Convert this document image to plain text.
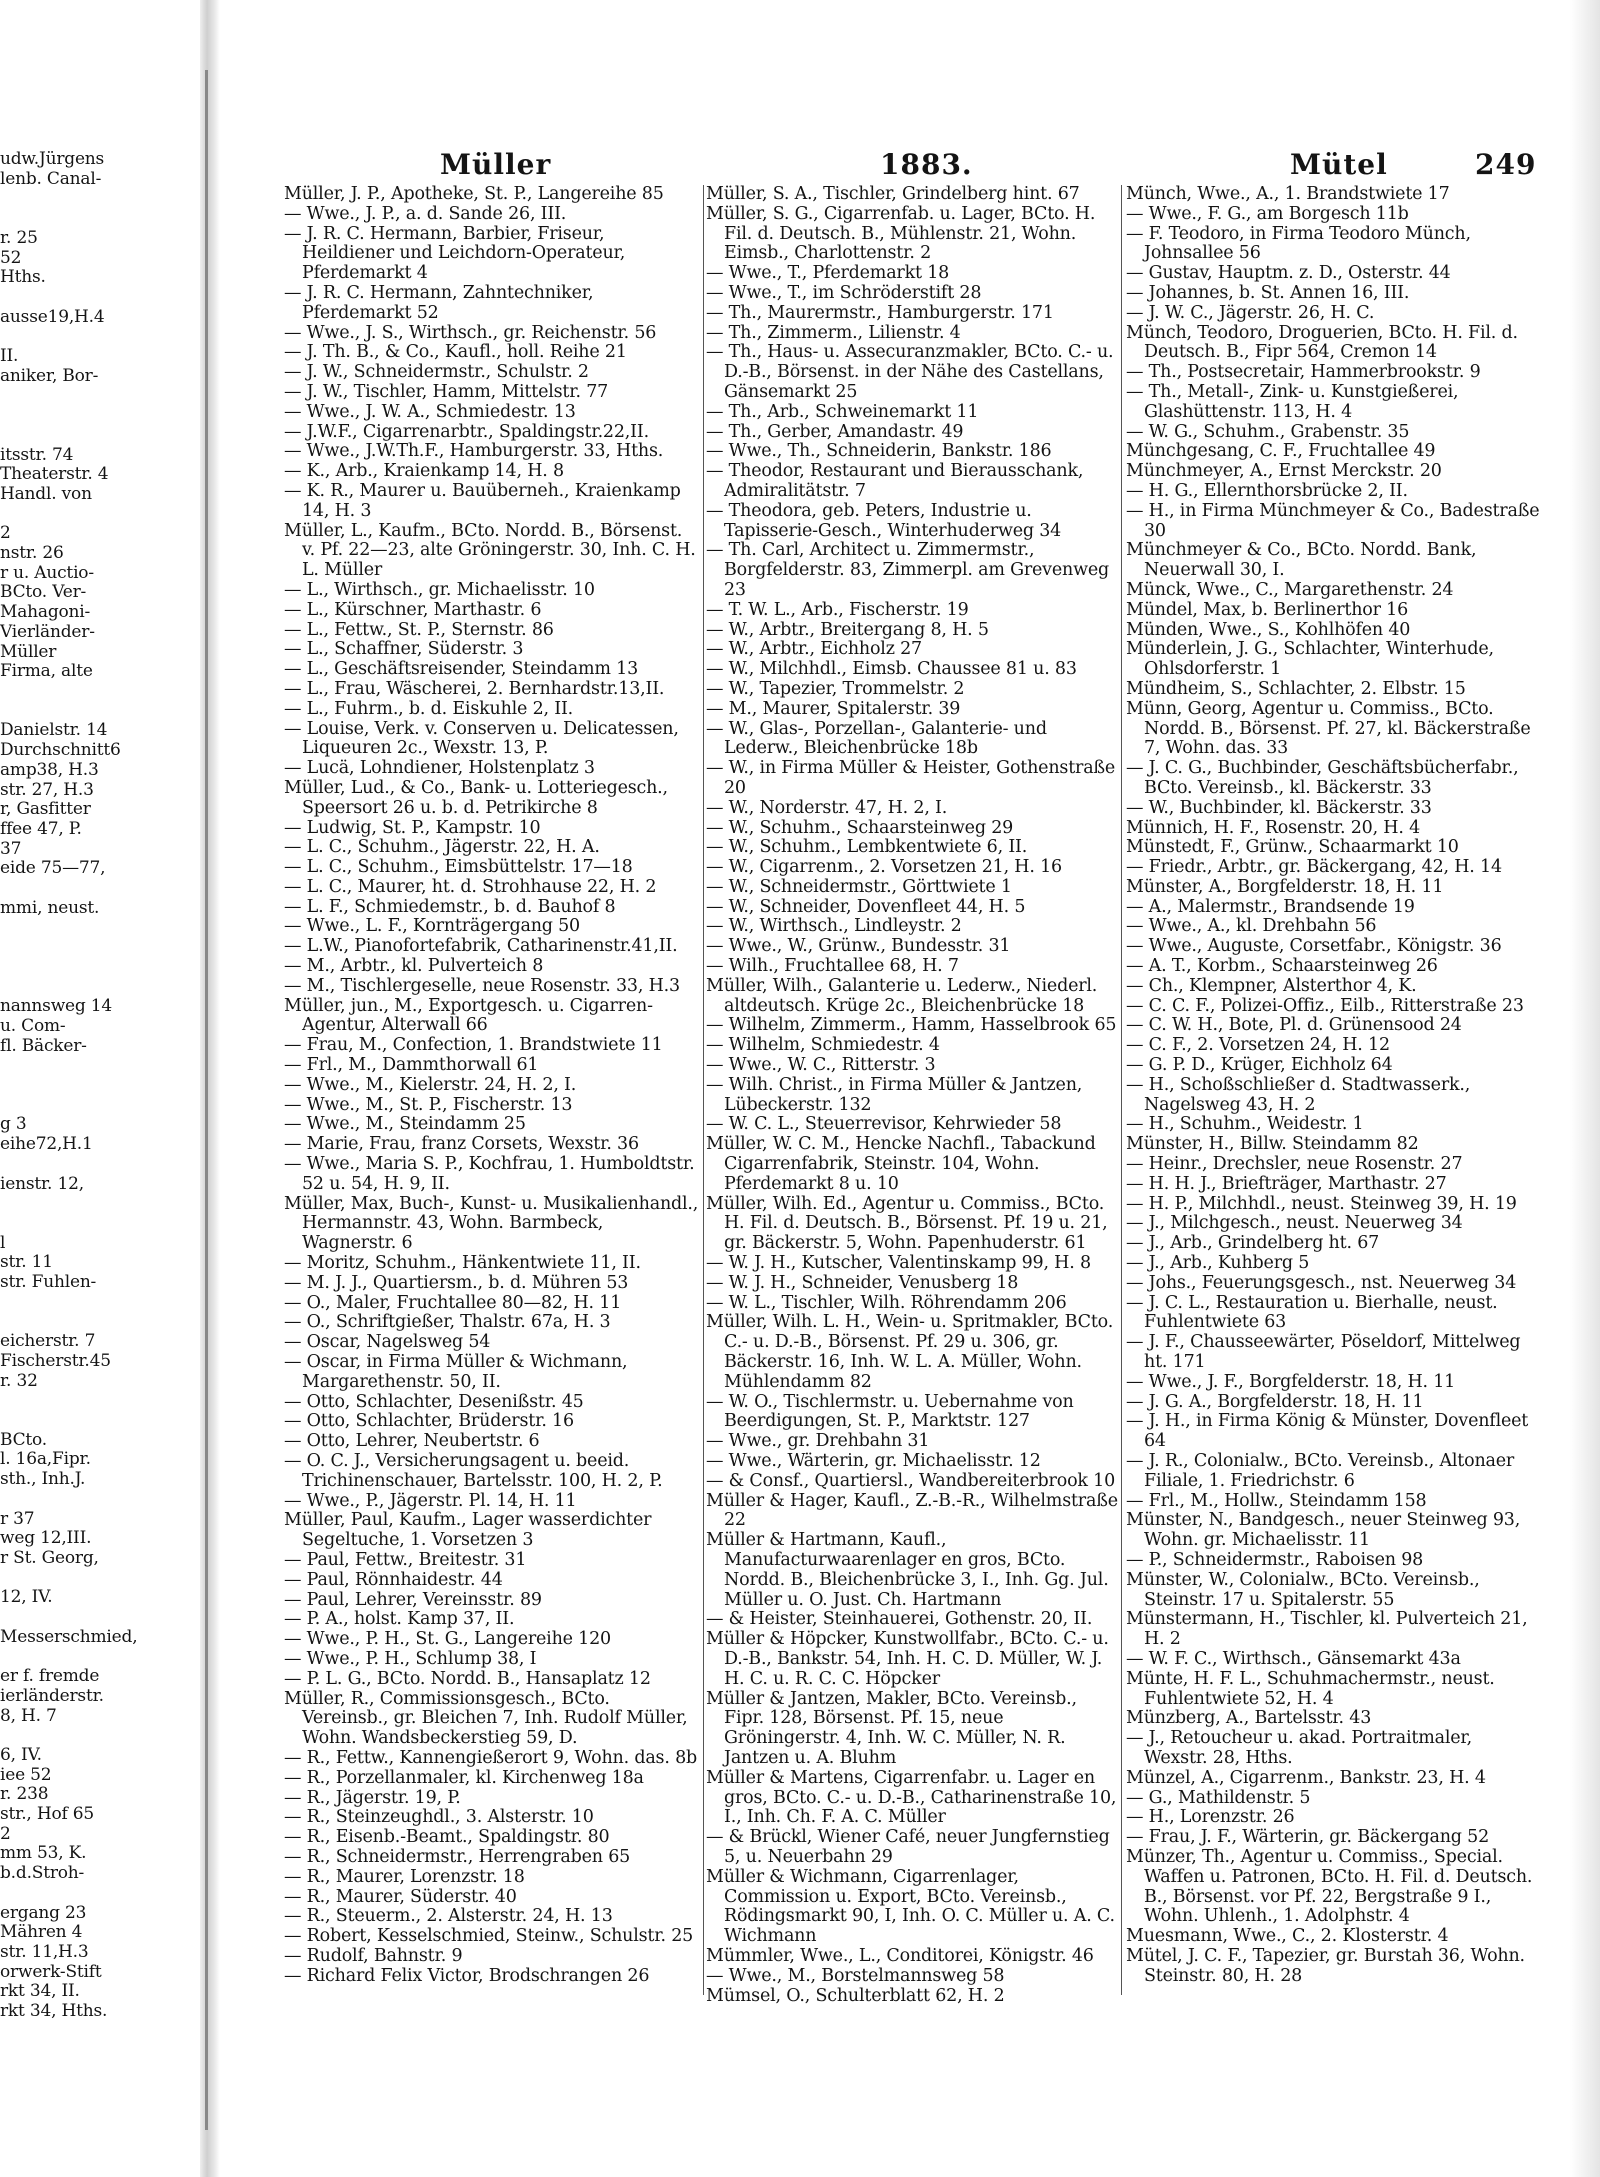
udw.Jürgens
lenb. Canal-

r. 25
52
Hths.

ausse19,H.4

II.
aniker, Bor-

itsstr. 74
Theaterstr. 4
Handl. von

2
nstr. 26
r u. Auctio-
BCto. Ver-
Mahagoni-
Vierländer-
Müller
Firma, alte

Danielstr. 14
Durchschnitt6
amp38, H.3
str. 27, H.3
r, Gasfitter
ffee 47, P.
37
eide 75—77,

mmi, neust.

nannsweg 14
u. Com-
fl. Bäcker-

g 3
eihe72,H.1

ienstr. 12,

l
str. 11
str. Fuhlen-

eicherstr. 7
Fischerstr.45
r. 32

BCto.
l. 16a,Fipr.
sth., Inh.J.

r 37
weg 12,III.
r St. Georg,

12, IV.

Messerschmied,

er f. fremde
ierländerstr.
8, H. 7

6, IV.
iee 52
r. 238
str., Hof 65
2
mm 53, K.
b.d.Stroh-

ergang 23
Mähren 4
str. 11,H.3
orwerk-Stift
rkt 34, II.
rkt 34, Hths.
Müller	1883.	Mütel	249
Müller, J. P., Apotheke, St. P., Langereihe 85
— Wwe., J. P., a. d. Sande 26, III.
— J. R. C. Hermann, Barbier, Friseur, Heildiener und Leichdorn-Operateur, Pferdemarkt 4
— J. R. C. Hermann, Zahntechniker, Pferdemarkt 52
— Wwe., J. S., Wirthsch., gr. Reichenstr. 56
— J. Th. B., & Co., Kaufl., holl. Reihe 21
— J. W., Schneidermstr., Schulstr. 2
— J. W., Tischler, Hamm, Mittelstr. 77
— Wwe., J. W. A., Schmiedestr. 13
— J.W.F., Cigarrenarbtr., Spaldingstr.22,II.
— Wwe., J.W.Th.F., Hamburgerstr. 33, Hths.
— K., Arb., Kraienkamp 14, H. 8
— K. R., Maurer u. Bauüberneh., Kraienkamp 14, H. 3
Müller, L., Kaufm., BCto. Nordd. B., Börsenst. v. Pf. 22—23, alte Gröningerstr. 30, Inh. C. H. L. Müller
— L., Wirthsch., gr. Michaelisstr. 10
— L., Kürschner, Marthastr. 6
— L., Fettw., St. P., Sternstr. 86
— L., Schaffner, Süderstr. 3
— L., Geschäftsreisender, Steindamm 13
— L., Frau, Wäscherei, 2. Bernhardstr.13,II.
— L., Fuhrm., b. d. Eiskuhle 2, II.
— Louise, Verk. v. Conserven u. Delicatessen, Liqueuren 2c., Wexstr. 13, P.
— Lucä, Lohndiener, Holstenplatz 3
Müller, Lud., & Co., Bank- u. Lotteriegesch., Speersort 26 u. b. d. Petrikirche 8
— Ludwig, St. P., Kampstr. 10
— L. C., Schuhm., Jägerstr. 22, H. A.
— L. C., Schuhm., Eimsbüttelstr. 17—18
— L. C., Maurer, ht. d. Strohhause 22, H. 2
— L. F., Schmiedemstr., b. d. Bauhof 8
— Wwe., L. F., Kornträgergang 50
— L.W., Pianofortefabrik, Catharinenstr.41,II.
— M., Arbtr., kl. Pulverteich 8
— M., Tischlergeselle, neue Rosenstr. 33, H.3
Müller, jun., M., Exportgesch. u. Cigarren-Agentur, Alterwall 66
— Frau, M., Confection, 1. Brandstwiete 11
— Frl., M., Dammthorwall 61
— Wwe., M., Kielerstr. 24, H. 2, I.
— Wwe., M., St. P., Fischerstr. 13
— Wwe., M., Steindamm 25
— Marie, Frau, franz Corsets, Wexstr. 36
— Wwe., Maria S. P., Kochfrau, 1. Humboldtstr. 52 u. 54, H. 9, II.
Müller, Max, Buch-, Kunst- u. Musikalienhandl., Hermannstr. 43, Wohn. Barmbeck, Wagnerstr. 6
— Moritz, Schuhm., Hänkentwiete 11, II.
— M. J. J., Quartiersm., b. d. Mühren 53
— O., Maler, Fruchtallee 80—82, H. 11
— O., Schriftgießer, Thalstr. 67a, H. 3
— Oscar, Nagelsweg 54
— Oscar, in Firma Müller & Wichmann, Margarethenstr. 50, II.
— Otto, Schlachter, Desenißstr. 45
— Otto, Schlachter, Brüderstr. 16
— Otto, Lehrer, Neubertstr. 6
— O. C. J., Versicherungsagent u. beeid. Trichinenschauer, Bartelsstr. 100, H. 2, P.
— Wwe., P., Jägerstr. Pl. 14, H. 11
Müller, Paul, Kaufm., Lager wasserdichter Segeltuche, 1. Vorsetzen 3
— Paul, Fettw., Breitestr. 31
— Paul, Rönnhaidestr. 44
— Paul, Lehrer, Vereinsstr. 89
— P. A., holst. Kamp 37, II.
— Wwe., P. H., St. G., Langereihe 120
— Wwe., P. H., Schlump 38, I
— P. L. G., BCto. Nordd. B., Hansaplatz 12
Müller, R., Commissionsgesch., BCto. Vereinsb., gr. Bleichen 7, Inh. Rudolf Müller, Wohn. Wandsbeckerstieg 59, D.
— R., Fettw., Kannengießerort 9, Wohn. das. 8b
— R., Porzellanmaler, kl. Kirchenweg 18a
— R., Jägerstr. 19, P.
— R., Steinzeughdl., 3. Alsterstr. 10
— R., Eisenb.-Beamt., Spaldingstr. 80
— R., Schneidermstr., Herrengraben 65
— R., Maurer, Lorenzstr. 18
— R., Maurer, Süderstr. 40
— R., Steuerm., 2. Alsterstr. 24, H. 13
— Robert, Kesselschmied, Steinw., Schulstr. 25
— Rudolf, Bahnstr. 9
— Richard Felix Victor, Brodschrangen 26
Müller, S. A., Tischler, Grindelberg hint. 67
Müller, S. G., Cigarrenfab. u. Lager, BCto. H. Fil. d. Deutsch. B., Mühlenstr. 21, Wohn. Eimsb., Charlottenstr. 2
— Wwe., T., Pferdemarkt 18
— Wwe., T., im Schröderstift 28
— Th., Maurermstr., Hamburgerstr. 171
— Th., Zimmerm., Lilienstr. 4
— Th., Haus- u. Assecuranzmakler, BCto. C.- u. D.-B., Börsenst. in der Nähe des Castellans, Gänsemarkt 25
— Th., Arb., Schweinemarkt 11
— Th., Gerber, Amandastr. 49
— Wwe., Th., Schneiderin, Bankstr. 186
— Theodor, Restaurant und Bierausschank, Admiralitätstr. 7
— Theodora, geb. Peters, Industrie u. Tapisserie-Gesch., Winterhuderweg 34
— Th. Carl, Architect u. Zimmermstr., Borgfelderstr. 83, Zimmerpl. am Grevenweg 23
— T. W. L., Arb., Fischerstr. 19
— W., Arbtr., Breitergang 8, H. 5
— W., Arbtr., Eichholz 27
— W., Milchhdl., Eimsb. Chaussee 81 u. 83
— W., Tapezier, Trommelstr. 2
— M., Maurer, Spitalerstr. 39
— W., Glas-, Porzellan-, Galanterie- und Lederw., Bleichenbrücke 18b
— W., in Firma Müller & Heister, Gothenstraße 20
— W., Norderstr. 47, H. 2, I.
— W., Schuhm., Schaarsteinweg 29
— W., Schuhm., Lembkentwiete 6, II.
— W., Cigarrenm., 2. Vorsetzen 21, H. 16
— W., Schneidermstr., Görttwiete 1
— W., Schneider, Dovenfleet 44, H. 5
— W., Wirthsch., Lindleystr. 2
— Wwe., W., Grünw., Bundesstr. 31
— Wilh., Fruchtallee 68, H. 7
Müller, Wilh., Galanterie u. Lederw., Niederl. altdeutsch. Krüge 2c., Bleichenbrücke 18
— Wilhelm, Zimmerm., Hamm, Hasselbrook 65
— Wilhelm, Schmiedestr. 4
— Wwe., W. C., Ritterstr. 3
— Wilh. Christ., in Firma Müller & Jantzen, Lübeckerstr. 132
— W. C. L., Steuerrevisor, Kehrwieder 58
Müller, W. C. M., Hencke Nachfl., Tabackund Cigarrenfabrik, Steinstr. 104, Wohn. Pferdemarkt 8 u. 10
Müller, Wilh. Ed., Agentur u. Commiss., BCto. H. Fil. d. Deutsch. B., Börsenst. Pf. 19 u. 21, gr. Bäckerstr. 5, Wohn. Papenhuderstr. 61
— W. J. H., Kutscher, Valentinskamp 99, H. 8
— W. J. H., Schneider, Venusberg 18
— W. L., Tischler, Wilh. Röhrendamm 206
Müller, Wilh. L. H., Wein- u. Spritmakler, BCto. C.- u. D.-B., Börsenst. Pf. 29 u. 306, gr. Bäckerstr. 16, Inh. W. L. A. Müller, Wohn. Mühlendamm 82
— W. O., Tischlermstr. u. Uebernahme von Beerdigungen, St. P., Marktstr. 127
— Wwe., gr. Drehbahn 31
— Wwe., Wärterin, gr. Michaelisstr. 12
— & Consf., Quartiersl., Wandbereiterbrook 10
Müller & Hager, Kaufl., Z.-B.-R., Wilhelmstraße 22
Müller & Hartmann, Kaufl., Manufacturwaarenlager en gros, BCto. Nordd. B., Bleichenbrücke 3, I., Inh. Gg. Jul. Müller u. O. Just. Ch. Hartmann
— & Heister, Steinhauerei, Gothenstr. 20, II.
Müller & Höpcker, Kunstwollfabr., BCto. C.- u. D.-B., Bankstr. 54, Inh. H. C. D. Müller, W. J. H. C. u. R. C. C. Höpcker
Müller & Jantzen, Makler, BCto. Vereinsb., Fipr. 128, Börsenst. Pf. 15, neue Gröningerstr. 4, Inh. W. C. Müller, N. R. Jantzen u. A. Bluhm
Müller & Martens, Cigarrenfabr. u. Lager en gros, BCto. C.- u. D.-B., Catharinenstraße 10, I., Inh. Ch. F. A. C. Müller
— & Brückl, Wiener Café, neuer Jungfernstieg 5, u. Neuerbahn 29
Müller & Wichmann, Cigarrenlager, Commission u. Export, BCto. Vereinsb., Rödingsmarkt 90, I, Inh. O. C. Müller u. A. C. Wichmann
Mümmler, Wwe., L., Conditorei, Königstr. 46
— Wwe., M., Borstelmannsweg 58
Mümsel, O., Schulterblatt 62, H. 2
Münch, Wwe., A., 1. Brandstwiete 17
— Wwe., F. G., am Borgesch 11b
— F. Teodoro, in Firma Teodoro Münch, Johnsallee 56
— Gustav, Hauptm. z. D., Osterstr. 44
— Johannes, b. St. Annen 16, III.
— J. W. C., Jägerstr. 26, H. C.
Münch, Teodoro, Droguerien, BCto. H. Fil. d. Deutsch. B., Fipr 564, Cremon 14
— Th., Postsecretair, Hammerbrookstr. 9
— Th., Metall-, Zink- u. Kunstgießerei, Glashüttenstr. 113, H. 4
— W. G., Schuhm., Grabenstr. 35
Münchgesang, C. F., Fruchtallee 49
Münchmeyer, A., Ernst Merckstr. 20
— H. G., Ellernthorsbrücke 2, II.
— H., in Firma Münchmeyer & Co., Badestraße 30
Münchmeyer & Co., BCto. Nordd. Bank, Neuerwall 30, I.
Münck, Wwe., C., Margarethenstr. 24
Mündel, Max, b. Berlinerthor 16
Münden, Wwe., S., Kohlhöfen 40
Münderlein, J. G., Schlachter, Winterhude, Ohlsdorferstr. 1
Mündheim, S., Schlachter, 2. Elbstr. 15
Münn, Georg, Agentur u. Commiss., BCto. Nordd. B., Börsenst. Pf. 27, kl. Bäckerstraße 7, Wohn. das. 33
— J. C. G., Buchbinder, Geschäftsbücherfabr., BCto. Vereinsb., kl. Bäckerstr. 33
— W., Buchbinder, kl. Bäckerstr. 33
Münnich, H. F., Rosenstr. 20, H. 4
Münstedt, F., Grünw., Schaarmarkt 10
— Friedr., Arbtr., gr. Bäckergang, 42, H. 14
Münster, A., Borgfelderstr. 18, H. 11
— A., Malermstr., Brandsende 19
— Wwe., A., kl. Drehbahn 56
— Wwe., Auguste, Corsetfabr., Königstr. 36
— A. T., Korbm., Schaarsteinweg 26
— Ch., Klempner, Alsterthor 4, K.
— C. C. F., Polizei-Offiz., Eilb., Ritterstraße 23
— C. W. H., Bote, Pl. d. Grünensood 24
— C. F., 2. Vorsetzen 24, H. 12
— G. P. D., Krüger, Eichholz 64
— H., Schoßschließer d. Stadtwasserk., Nagelsweg 43, H. 2
— H., Schuhm., Weidestr. 1
Münster, H., Billw. Steindamm 82
— Heinr., Drechsler, neue Rosenstr. 27
— H. H. J., Briefträger, Marthastr. 27
— H. P., Milchhdl., neust. Steinweg 39, H. 19
— J., Milchgesch., neust. Neuerweg 34
— J., Arb., Grindelberg ht. 67
— J., Arb., Kuhberg 5
— Johs., Feuerungsgesch., nst. Neuerweg 34
— J. C. L., Restauration u. Bierhalle, neust. Fuhlentwiete 63
— J. F., Chausseewärter, Pöseldorf, Mittelweg ht. 171
— Wwe., J. F., Borgfelderstr. 18, H. 11
— J. G. A., Borgfelderstr. 18, H. 11
— J. H., in Firma König & Münster, Dovenfleet 64
— J. R., Colonialw., BCto. Vereinsb., Altonaer Filiale, 1. Friedrichstr. 6
— Frl., M., Hollw., Steindamm 158
Münster, N., Bandgesch., neuer Steinweg 93, Wohn. gr. Michaelisstr. 11
— P., Schneidermstr., Raboisen 98
Münster, W., Colonialw., BCto. Vereinsb., Steinstr. 17 u. Spitalerstr. 55
Münstermann, H., Tischler, kl. Pulverteich 21, H. 2
— W. F. C., Wirthsch., Gänsemarkt 43a
Münte, H. F. L., Schuhmachermstr., neust. Fuhlentwiete 52, H. 4
Münzberg, A., Bartelsstr. 43
— J., Retoucheur u. akad. Portraitmaler, Wexstr. 28, Hths.
Münzel, A., Cigarrenm., Bankstr. 23, H. 4
— G., Mathildenstr. 5
— H., Lorenzstr. 26
— Frau, J. F., Wärterin, gr. Bäckergang 52
Münzer, Th., Agentur u. Commiss., Special. Waffen u. Patronen, BCto. H. Fil. d. Deutsch. B., Börsenst. vor Pf. 22, Bergstraße 9 I., Wohn. Uhlenh., 1. Adolphstr. 4
Muesmann, Wwe., C., 2. Klosterstr. 4
Mütel, J. C. F., Tapezier, gr. Burstah 36, Wohn. Steinstr. 80, H. 28
